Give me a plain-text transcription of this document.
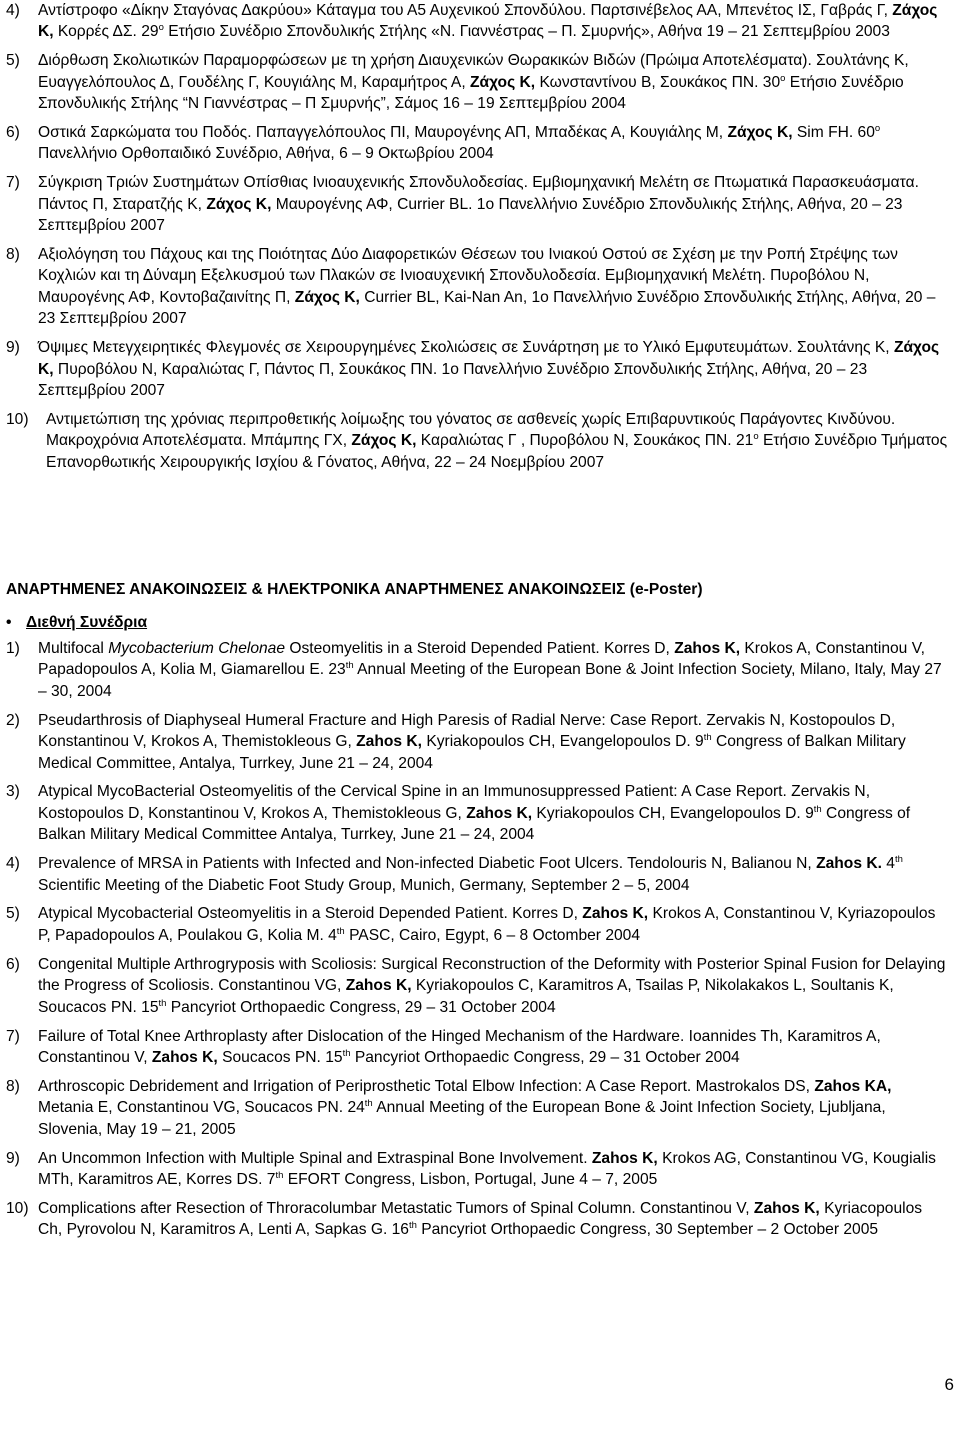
4) Αντίστροφο «Δίκην Σταγόνας Δακρύου» Κάταγμα του Α5 Αυχενικού Σπονδύλου. Παρτσινέβελος ΑΑ, Μπενέτος ΙΣ, Γαβράς Γ, Ζάχος Κ, Κορρές ΔΣ. $29^o$ Ετήσιο Συνέδριο Σπονδυλικής Στήλης «Ν. Γιαννέστρας – Π. Σμυρνής», Αθήνα 19 – 21 Σεπτεμβρίου 2003

5) Διόρθωση Σκολιωτικών Παραμορφώσεων με τη χρήση Διαυχενικών Θωρακικών Βιδών (Πρώιμα Αποτελέσματα). Σουλτάνης Κ, Ευαγγελόπουλος Δ, Γουδέλης Γ, Κουγιάλης Μ, Καραμήτρος Α, Ζάχος Κ, Κωνσταντίνου Β, Σουκάκος ΠΝ. $30^o$ Ετήσιο Συνέδριο Σπονδυλικής Στήλης “Ν Γιαννέστρας – Π Σμυρνής”, Σάμος 16 – 19 Σεπτεμβρίου 2004

6) Οστικά Σαρκώματα του Ποδός. Παπαγγελόπουλος ΠΙ, Μαυρογένης ΑΠ, Μπαδέκας Α, Κουγιάλης Μ, Ζάχος Κ, Sim FH. $60^o$ Πανελλήνιο Ορθοπαιδικό Συνέδριο, Αθήνα, 6 – 9 Οκτωβρίου 2004

7) Σύγκριση Τριών Συστημάτων Οπίσθιας Ινιοαυχενικής Σπονδυλοδεσίας. Εμβιομηχανική Μελέτη σε Πτωματικά Παρασκευάσματα. Πάντος Π, Σταρατζής Κ, Ζάχος Κ, Μαυρογένης ΑΦ, Currier BL. 1ο Πανελλήνιο Συνέδριο Σπονδυλικής Στήλης, Αθήνα, 20 – 23 Σεπτεμβρίου 2007

8) Αξιολόγηση του Πάχους και της Ποιότητας Δύο Διαφορετικών Θέσεων του Ινιακού Οστού σε Σχέση με την Ροπή Στρέψης των Κοχλιών και τη Δύναμη Εξελκυσμού των Πλακών σε Ινιοαυχενική Σπονδυλοδεσία. Εμβιομηχανική Μελέτη. Πυροβόλου Ν, Μαυρογένης ΑΦ, Κοντοβαζαινίτης Π, Ζάχος Κ, Currier BL, Kai-Nan An, 1ο Πανελλήνιο Συνέδριο Σπονδυλικής Στήλης, Αθήνα, 20 – 23 Σεπτεμβρίου 2007

9) Όψιμες Μετεγχειρητικές Φλεγμονές σε Χειρουργημένες Σκολιώσεις σε Συνάρτηση με το Υλικό Εμφυτευμάτων. Σουλτάνης Κ, Ζάχος Κ, Πυροβόλου Ν, Καραλιώτας Γ, Πάντος Π, Σουκάκος ΠΝ. 1ο Πανελλήνιο Συνέδριο Σπονδυλικής Στήλης, Αθήνα, 20 – 23 Σεπτεμβρίου 2007

10) Αντιμετώπιση της χρόνιας περιπροθετικής λοίμωξης του γόνατος σε ασθενείς χωρίς Επιβαρυντικούς Παράγοντες Κινδύνου. Μακροχρόνια Αποτελέσματα. Μπάμπης ΓΧ, Ζάχος Κ, Καραλιώτας Γ , Πυροβόλου Ν, Σουκάκος ΠΝ. $21^o$ Ετήσιο Συνέδριο Τμήματος Επανορθωτικής Χειρουργικής Ισχίου & Γόνατος, Αθήνα, 22 – 24 Νοεμβρίου 2007

ΑΝΑΡΤΗΜΕΝΕΣ ΑΝΑΚΟΙΝΩΣΕΙΣ & ΗΛΕΚΤΡΟΝΙΚΑ ΑΝΑΡΤΗΜΕΝΕΣ ΑΝΑΚΟΙΝΩΣΕΙΣ (e-Poster)
• Διεθνή Συνέδρια
1) Multifocal Mycobacterium Chelonae Osteomyelitis in a Steroid Depended Patient. Korres D, Zahos K, Krokos A, Constantinou V, Papadopoulos A, Kolia M, Giamarellou E. 23th Annual Meeting of the European Bone & Joint Infection Society, Milano, Italy, May 27 – 30, 2004

2) Pseudarthrosis of Diaphyseal Humeral Fracture and High Paresis of Radial Nerve: Case Report. Zervakis N, Kostopoulos D, Konstantinou V, Krokos A, Themistokleous G, Zahos K, Kyriakopoulos CH, Evangelopoulos D. 9th Congress of Balkan Military Medical Committee, Antalya, Turrkey, June 21 – 24, 2004

3) Atypical MycoBacterial Osteomyelitis of the Cervical Spine in an Immunosuppressed Patient: A Case Report. Zervakis N, Kostopoulos D, Konstantinou V, Krokos A, Themistokleous G, Zahos K, Kyriakopoulos CH, Evangelopoulos D. 9th Congress of Balkan Military Medical Committee Antalya, Turrkey, June 21 – 24, 2004

4) Prevalence of MRSA in Patients with Infected and Non-infected Diabetic Foot Ulcers. Tendolouris N, Balianou N, Zahos K. 4th Scientific Meeting of the Diabetic Foot Study Group, Munich, Germany, September 2 – 5, 2004

5) Atypical Mycobacterial Osteomyelitis in a Steroid Depended Patient. Korres D, Zahos K, Krokos A, Constantinou V, Kyriazopoulos P, Papadopoulos A, Poulakou G, Kolia M. 4th PASC, Cairo, Egypt, 6 – 8 Octomber 2004

6) Congenital Multiple Arthrogryposis with Scoliosis: Surgical Reconstruction of the Deformity with Posterior Spinal Fusion for Delaying the Progress of Scoliosis. Constantinou VG, Zahos K, Kyriakopoulos C, Karamitros A, Tsailas P, Nikolakakos L, Soultanis K, Soucacos PN. 15th Pancyriot Orthopaedic Congress, 29 – 31 October 2004

7) Failure of Total Knee Arthroplasty after Dislocation of the Hinged Mechanism of the Hardware. Ioannides Th, Karamitros A, Constantinou V, Zahos K, Soucacos PN. 15th Pancyriot Orthopaedic Congress, 29 – 31 October 2004

8) Arthroscopic Debridement and Irrigation of Periprosthetic Total Elbow Infection: A Case Report. Mastrokalos DS, Zahos KA, Metania E, Constantinou VG, Soucacos PN. 24th Annual Meeting of the European Bone & Joint Infection Society, Ljubljana, Slovenia, May 19 – 21, 2005

9) An Uncommon Infection with Multiple Spinal and Extraspinal Bone Involvement. Zahos K, Krokos AG, Constantinou VG, Kougialis MTh, Karamitros AE, Korres DS. 7th EFORT Congress, Lisbon, Portugal, June 4 – 7, 2005

10) Complications after Resection of Throracolumbar Metastatic Tumors of Spinal Column. Constantinou V, Zahos K, Kyriacopoulos Ch, Pyrovolou N, Karamitros A, Lenti A, Sapkas G. 16th Pancyriot Orthopaedic Congress, 30 September – 2 October 2005

6
